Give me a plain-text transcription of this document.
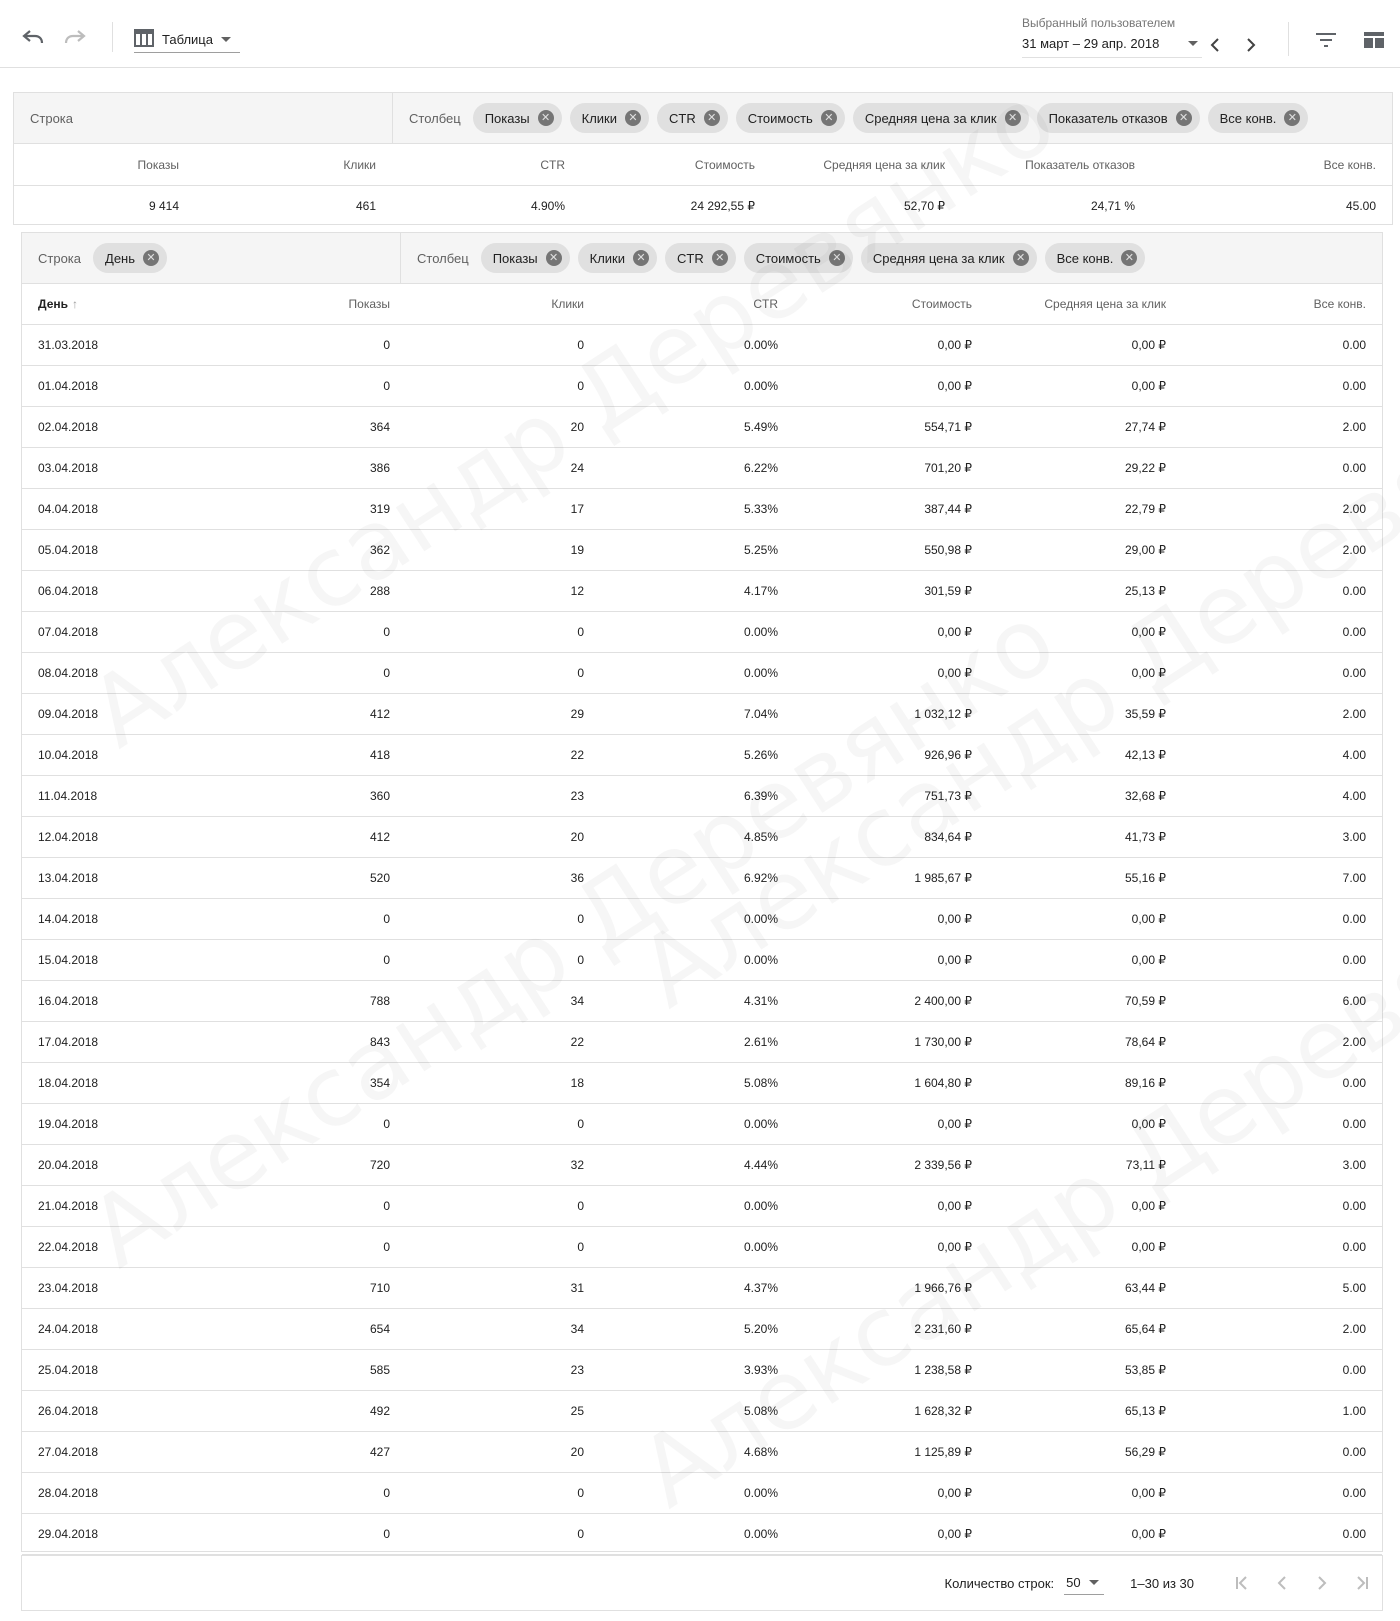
Таблица
Выбранный пользователем
31 март – 29 апр. 2018
Строка	Столбец Показы	✕ Клики	✕ CTR	✕ Стоимость	✕ Средняя цена за клик	✕ Показатель отказов	✕ Все конв.	✕
Показы	Клики	CTR	Стоимость	Средняя цена за клик	Показатель отказов	Все конв.
9 414	461	4.90%	24 292,55 ₽	52,70 ₽	24,71 %	45.00
Строка День	✕	Столбец Показы	✕ Клики	✕ CTR	✕ Стоимость	✕ Средняя цена за клик	✕ Все конв.	✕
День ↑	Показы	Клики	CTR	Стоимость	Средняя цена за клик	Все конв.
31.03.2018	0	0	0.00%	0,00 ₽	0,00 ₽	0.00
01.04.2018	0	0	0.00%	0,00 ₽	0,00 ₽	0.00
02.04.2018	364	20	5.49%	554,71 ₽	27,74 ₽	2.00
03.04.2018	386	24	6.22%	701,20 ₽	29,22 ₽	0.00
04.04.2018	319	17	5.33%	387,44 ₽	22,79 ₽	2.00
05.04.2018	362	19	5.25%	550,98 ₽	29,00 ₽	2.00
06.04.2018	288	12	4.17%	301,59 ₽	25,13 ₽	0.00
07.04.2018	0	0	0.00%	0,00 ₽	0,00 ₽	0.00
08.04.2018	0	0	0.00%	0,00 ₽	0,00 ₽	0.00
09.04.2018	412	29	7.04%	1 032,12 ₽	35,59 ₽	2.00
10.04.2018	418	22	5.26%	926,96 ₽	42,13 ₽	4.00
11.04.2018	360	23	6.39%	751,73 ₽	32,68 ₽	4.00
12.04.2018	412	20	4.85%	834,64 ₽	41,73 ₽	3.00
13.04.2018	520	36	6.92%	1 985,67 ₽	55,16 ₽	7.00
14.04.2018	0	0	0.00%	0,00 ₽	0,00 ₽	0.00
15.04.2018	0	0	0.00%	0,00 ₽	0,00 ₽	0.00
16.04.2018	788	34	4.31%	2 400,00 ₽	70,59 ₽	6.00
17.04.2018	843	22	2.61%	1 730,00 ₽	78,64 ₽	2.00
18.04.2018	354	18	5.08%	1 604,80 ₽	89,16 ₽	0.00
19.04.2018	0	0	0.00%	0,00 ₽	0,00 ₽	0.00
20.04.2018	720	32	4.44%	2 339,56 ₽	73,11 ₽	3.00
21.04.2018	0	0	0.00%	0,00 ₽	0,00 ₽	0.00
22.04.2018	0	0	0.00%	0,00 ₽	0,00 ₽	0.00
23.04.2018	710	31	4.37%	1 966,76 ₽	63,44 ₽	5.00
24.04.2018	654	34	5.20%	2 231,60 ₽	65,64 ₽	2.00
25.04.2018	585	23	3.93%	1 238,58 ₽	53,85 ₽	0.00
26.04.2018	492	25	5.08%	1 628,32 ₽	65,13 ₽	1.00
27.04.2018	427	20	4.68%	1 125,89 ₽	56,29 ₽	0.00
28.04.2018	0	0	0.00%	0,00 ₽	0,00 ₽	0.00
29.04.2018	0	0	0.00%	0,00 ₽	0,00 ₽	0.00
Количество строк: 50	1–30 из 30
